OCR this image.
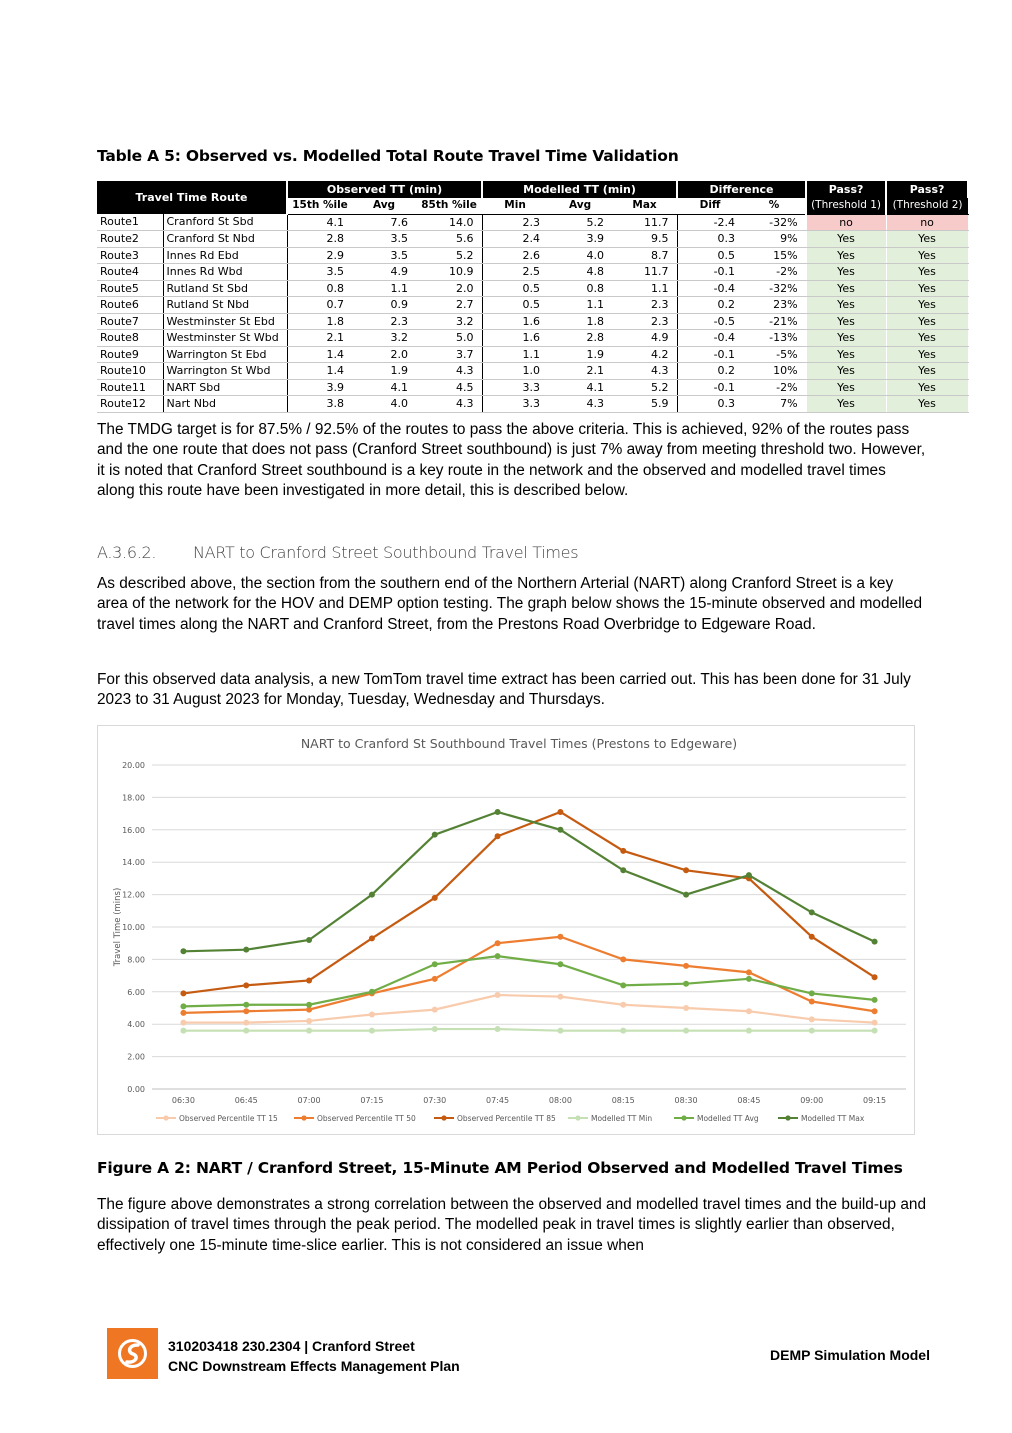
Table A 5: Observed vs. Modelled Total Route Travel Time Validation
Travel Time Route		Observed TT (min)			Modelled TT (min)			Difference		Pass?	Pass?
		15th %ile	Avg	85th %ile	Min	Avg	Max	Diff	%	(Threshold 1)	(Threshold 2)
Route1	Cranford St Sbd	4.1	7.6	14.0	2.3	5.2	11.7	-2.4	-32%	no	no
Route2	Cranford St Nbd	2.8	3.5	5.6	2.4	3.9	9.5	0.3	9%	Yes	Yes
Route3	Innes Rd Ebd	2.9	3.5	5.2	2.6	4.0	8.7	0.5	15%	Yes	Yes
Route4	Innes Rd Wbd	3.5	4.9	10.9	2.5	4.8	11.7	-0.1	-2%	Yes	Yes
Route5	Rutland St Sbd	0.8	1.1	2.0	0.5	0.8	1.1	-0.4	-32%	Yes	Yes
Route6	Rutland St Nbd	0.7	0.9	2.7	0.5	1.1	2.3	0.2	23%	Yes	Yes
Route7	Westminster St Ebd	1.8	2.3	3.2	1.6	1.8	2.3	-0.5	-21%	Yes	Yes
Route8	Westminster St Wbd	2.1	3.2	5.0	1.6	2.8	4.9	-0.4	-13%	Yes	Yes
Route9	Warrington St Ebd	1.4	2.0	3.7	1.1	1.9	4.2	-0.1	-5%	Yes	Yes
Route10	Warrington St Wbd	1.4	1.9	4.3	1.0	2.1	4.3	0.2	10%	Yes	Yes
Route11	NART Sbd	3.9	4.1	4.5	3.3	4.1	5.2	-0.1	-2%	Yes	Yes
Route12	Nart Nbd	3.8	4.0	4.3	3.3	4.3	5.9	0.3	7%	Yes	Yes
The TMDG target is for 87.5% / 92.5% of the routes to pass the above criteria. This is achieved, 92% of the routes pass and the one route that does not pass (Cranford Street southbound) is just 7% away from meeting threshold two. However, it is noted that Cranford Street southbound is a key route in the network and the observed and modelled travel times along this route have been investigated in more detail, this is described below.
A.3.6.2. NART to Cranford Street Southbound Travel Times
As described above, the section from the southern end of the Northern Arterial (NART) along Cranford Street is a key area of the network for the HOV and DEMP option testing. The graph below shows the 15-minute observed and modelled travel times along the NART and Cranford Street, from the Prestons Road Overbridge to Edgeware Road.
For this observed data analysis, a new TomTom travel time extract has been carried out. This has been done for 31 July 2023 to 31 August 2023 for Monday, Tuesday, Wednesday and Thursdays.
NART to Cranford St Southbound Travel Times (Prestons to Edgeware)
0.00
2.00
4.00
6.00
8.00
10.00
12.00
14.00
16.00
18.00
20.00
06:30	06:45	07:00	07:15	07:30	07:45	08:00	08:15	08:30	08:45	09:00	09:15
Travel Time (mins)
Observed Percentile TT 15	Observed Percentile TT 50	Observed Percentile TT 85	Modelled TT Min	Modelled TT Avg	Modelled TT Max
Figure A 2: NART / Cranford Street, 15-Minute AM Period Observed and Modelled Travel Times
The figure above demonstrates a strong correlation between the observed and modelled travel times and the build-up and dissipation of travel times through the peak period. The modelled peak in travel times is slightly earlier than observed, effectively one 15-minute time-slice earlier. This is not considered an issue when
310203418 230.2304 | Cranford Street
CNC Downstream Effects Management Plan
DEMP Simulation Model
